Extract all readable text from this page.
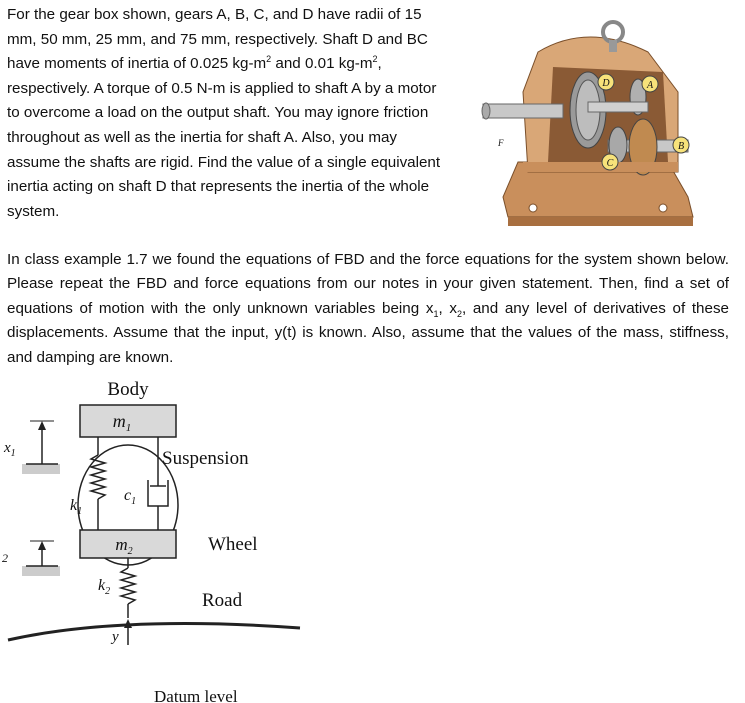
For the gear box shown, gears A, B, C, and D have radii of 15 mm, 50 mm, 25 mm, and 75 mm, respectively. Shaft D and BC have moments of inertia of 0.025 $kg-m^2$ and 0.01 $kg-m^2$, respectively. A torque of 0.5 N-m is applied to shaft A by a motor to overcome a load on the output shaft. You may ignore friction throughout as well as the inertia for shaft A. Also, you may assume the shafts are rigid. Find the value of a single equivalent inertia acting on shaft D that represents the inertia of the whole system.

D	A
C
B
F

In class example 1.7 we found the equations of FBD and the force equations for the system shown below. Please repeat the FBD and force equations from our notes in your given statement. Then, find a set of equations of motion with the only unknown variables being $x_1$, $x_2$, and any level of derivatives of these displacements. Assume that the input, y(t) is known. Also, assume that the values of the mass, stiffness, and damping are known.

Body
$m_1$
$k_1$
$c_1$
Suspension
$m_2$	Wheel
$k_2$	Road
y
$x_1$
2
Datum level
